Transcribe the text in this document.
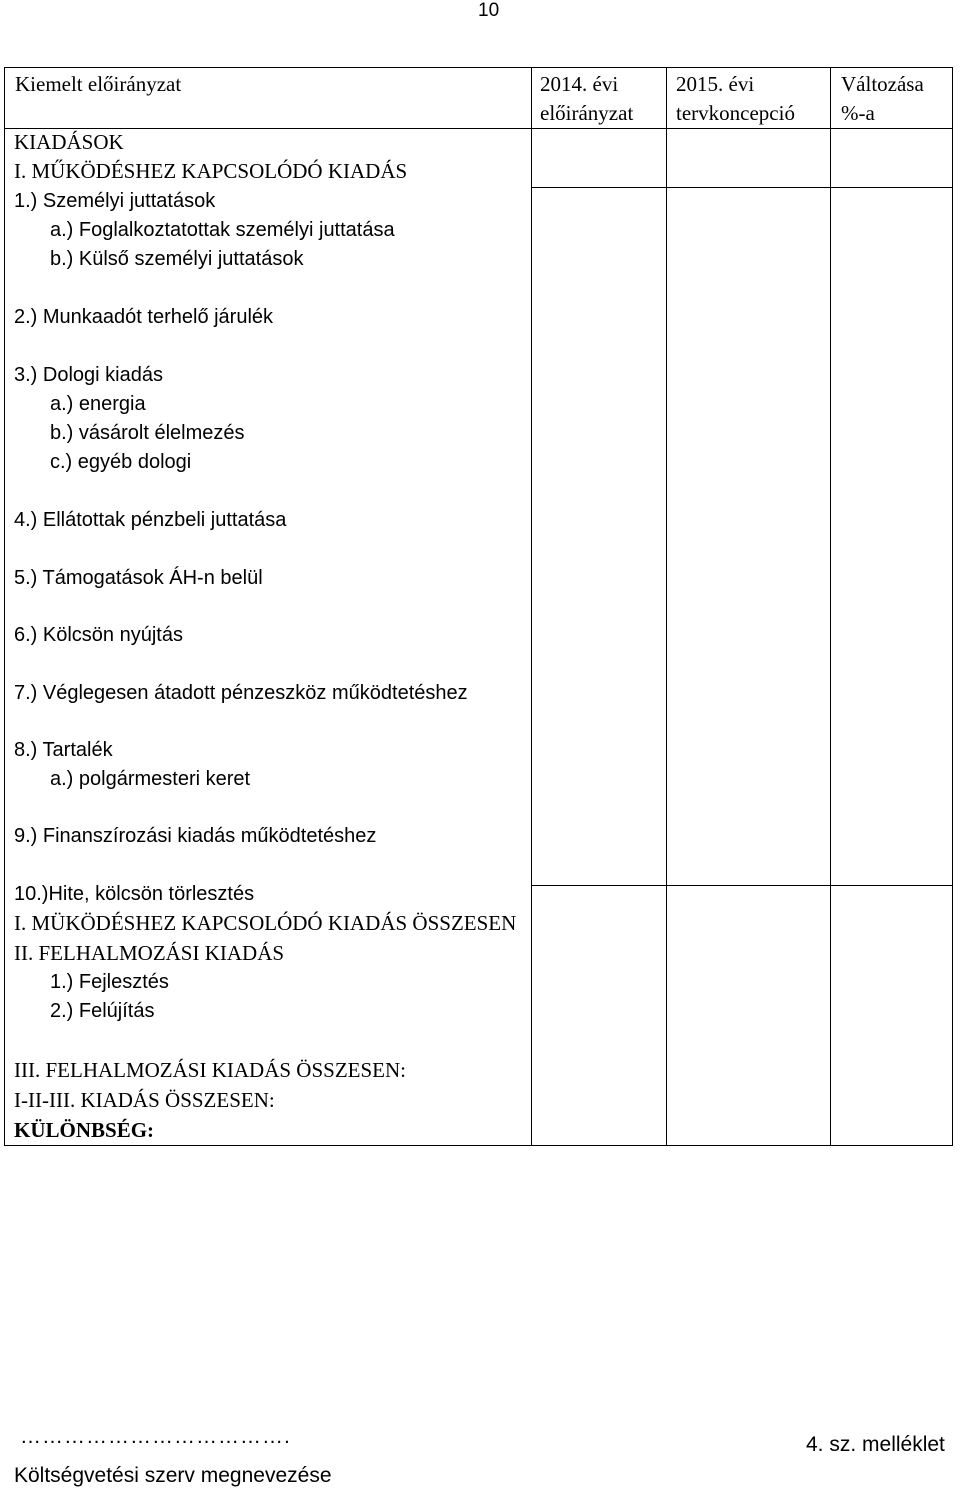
10
Kiemelt előirányzat	2014. évi
előirányzat
2015. évi
tervkoncepció
Változása
%-a
KIADÁSOK
I. MŰKÖDÉSHEZ KAPCSOLÓDÓ KIADÁS
1.) Személyi juttatások
a.) Foglalkoztatottak személyi juttatása
b.) Külső személyi juttatások
2.) Munkaadót terhelő járulék
3.) Dologi kiadás
a.) energia
b.) vásárolt élelmezés
c.) egyéb dologi
4.) Ellátottak pénzbeli juttatása
5.) Támogatások ÁH-n belül
6.) Kölcsön nyújtás
7.) Véglegesen átadott pénzeszköz működtetéshez
8.) Tartalék
a.) polgármesteri keret
9.) Finanszírozási kiadás működtetéshez
10.)Hite, kölcsön törlesztés
I. MÜKÖDÉSHEZ KAPCSOLÓDÓ KIADÁS ÖSSZESEN
II. FELHALMOZÁSI KIADÁS
1.) Fejlesztés
2.) Felújítás
III. FELHALMOZÁSI KIADÁS ÖSSZESEN:
I-II-III. KIADÁS ÖSSZESEN:
KÜLÖNBSÉG:
……………………………….
Költségvetési szerv megnevezése
4. sz. melléklet
